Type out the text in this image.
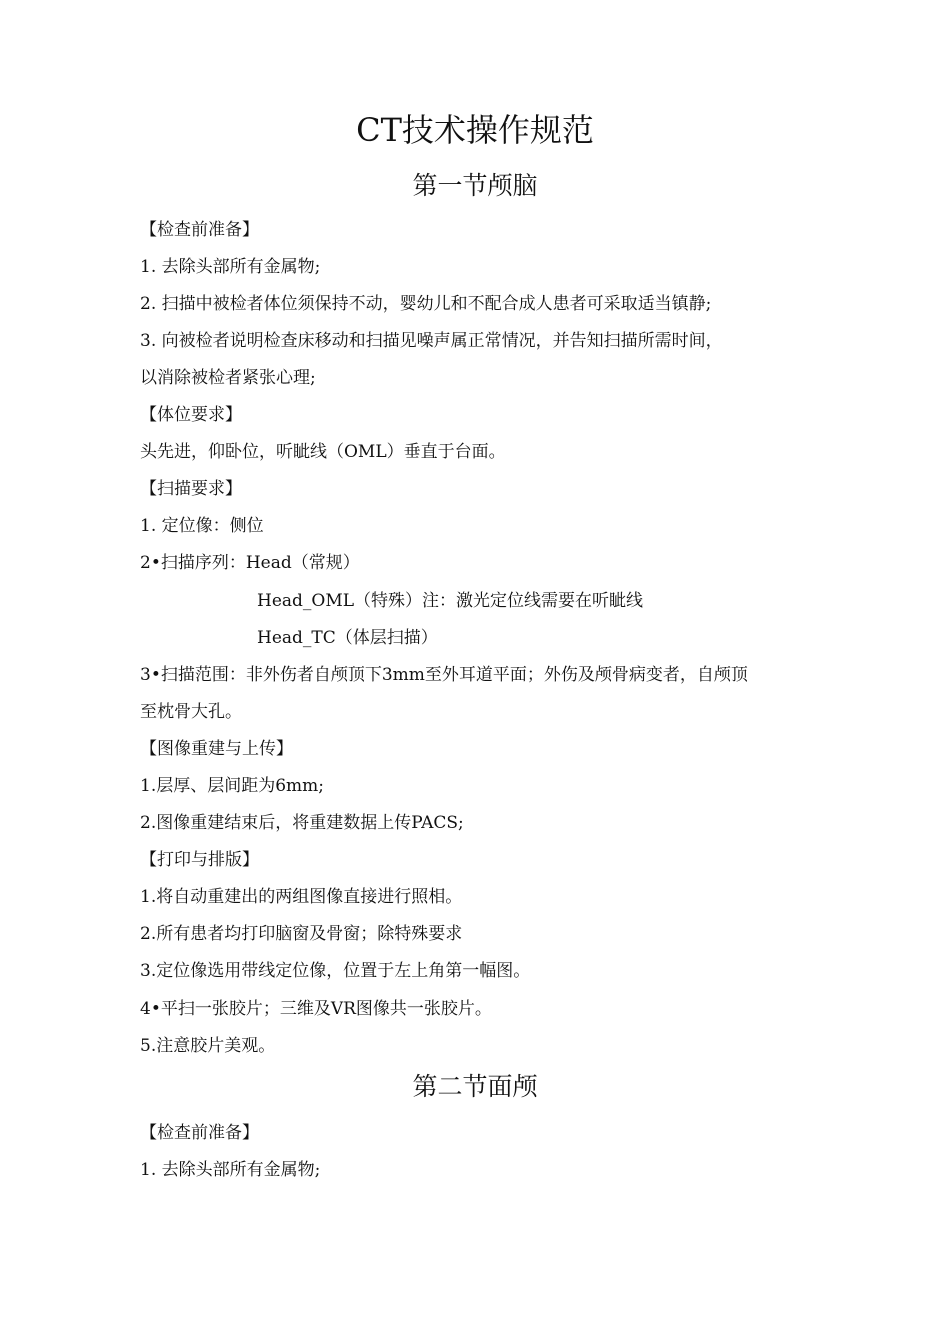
CT技术操作规范
第一节颅脑
【检查前准备】
1. 去除头部所有金属物;
2. 扫描中被检者体位须保持不动，婴幼儿和不配合成人患者可采取适当镇静;
3. 向被检者说明检查床移动和扫描见噪声属正常情况，并告知扫描所需时间，
以消除被检者紧张心理;
【体位要求】
头先进，仰卧位，听眦线（OML）垂直于台面。
【扫描要求】
1. 定位像：侧位
2•扫描序列：Head（常规）
Head_OML（特殊）注：激光定位线需要在听眦线
Head_TC（体层扫描）
3•扫描范围：非外伤者自颅顶下3mm至外耳道平面；外伤及颅骨病变者，自颅顶
至枕骨大孔。
【图像重建与上传】
1.层厚、层间距为6mm;
2.图像重建结束后，将重建数据上传PACS;
【打印与排版】
1.将自动重建出的两组图像直接进行照相。
2.所有患者均打印脑窗及骨窗；除特殊要求
3.定位像选用带线定位像，位置于左上角第一幅图。
4•平扫一张胶片；三维及VR图像共一张胶片。
5.注意胶片美观。
第二节面颅
【检查前准备】
1. 去除头部所有金属物;
